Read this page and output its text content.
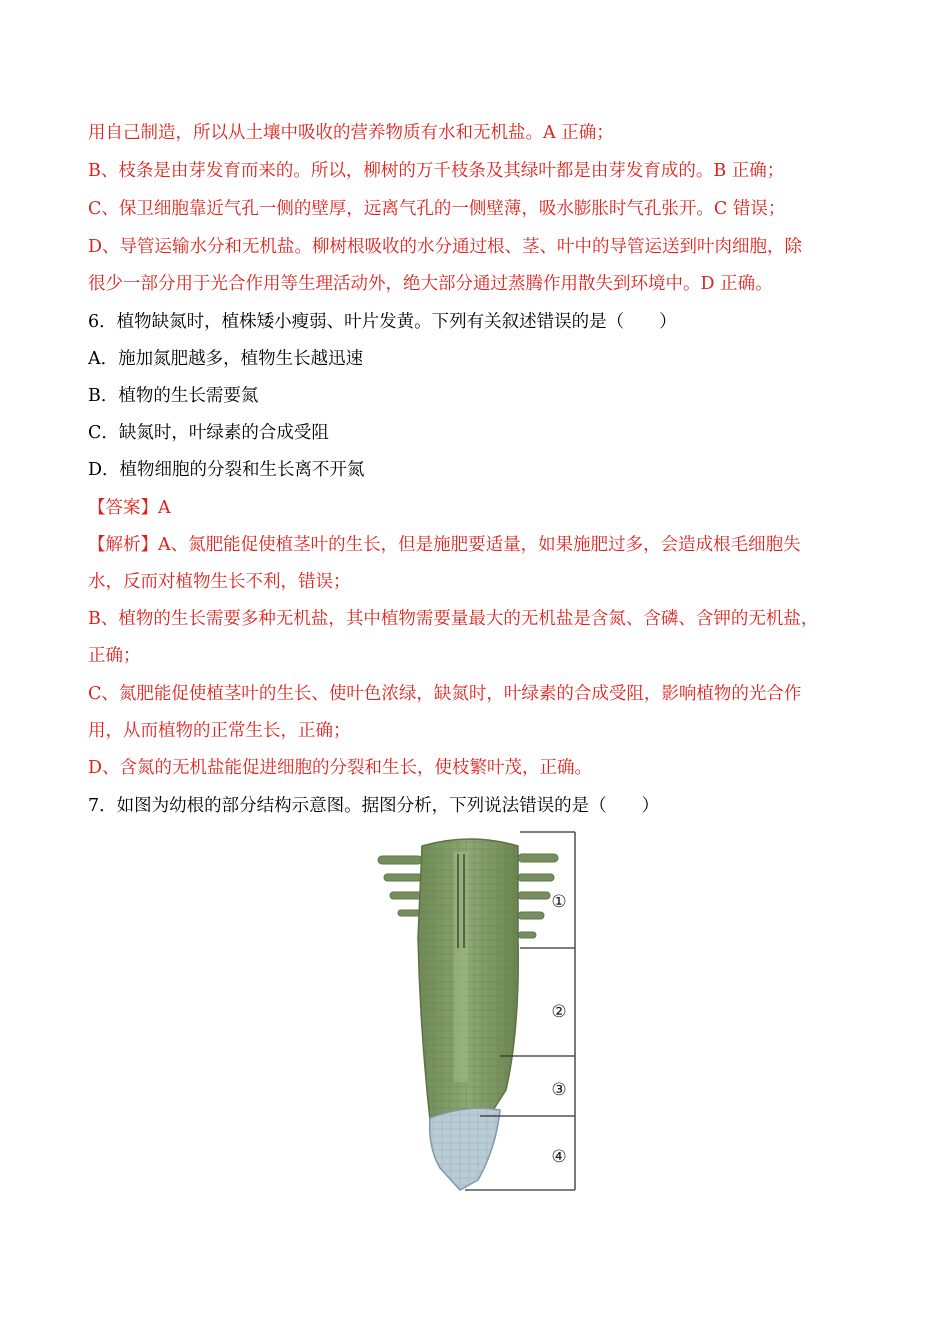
用自己制造，所以从土壤中吸收的营养物质有水和无机盐。A 正确；
B、枝条是由芽发育而来的。所以，柳树的万千枝条及其绿叶都是由芽发育成的。B 正确；
C、保卫细胞靠近气孔一侧的壁厚，远离气孔的一侧壁薄，吸水膨胀时气孔张开。C 错误；
D、导管运输水分和无机盐。柳树根吸收的水分通过根、茎、叶中的导管运送到叶肉细胞，除
很少一部分用于光合作用等生理活动外，绝大部分通过蒸腾作用散失到环境中。D 正确。
6．植物缺氮时，植株矮小瘦弱、叶片发黄。下列有关叙述错误的是（　　）
A．施加氮肥越多，植物生长越迅速
B．植物的生长需要氮
C．缺氮时，叶绿素的合成受阻
D．植物细胞的分裂和生长离不开氮
【答案】A
【解析】A、氮肥能促使植茎叶的生长，但是施肥要适量，如果施肥过多，会造成根毛细胞失
水，反而对植物生长不利，错误；
B、植物的生长需要多种无机盐，其中植物需要量最大的无机盐是含氮、含磷、含钾的无机盐，
正确；
C、氮肥能促使植茎叶的生长、使叶色浓绿，缺氮时，叶绿素的合成受阻，影响植物的光合作
用，从而植物的正常生长，正确；
D、含氮的无机盐能促进细胞的分裂和生长，使枝繁叶茂，正确。
7．如图为幼根的部分结构示意图。据图分析，下列说法错误的是（　　）
①
②
③
④
